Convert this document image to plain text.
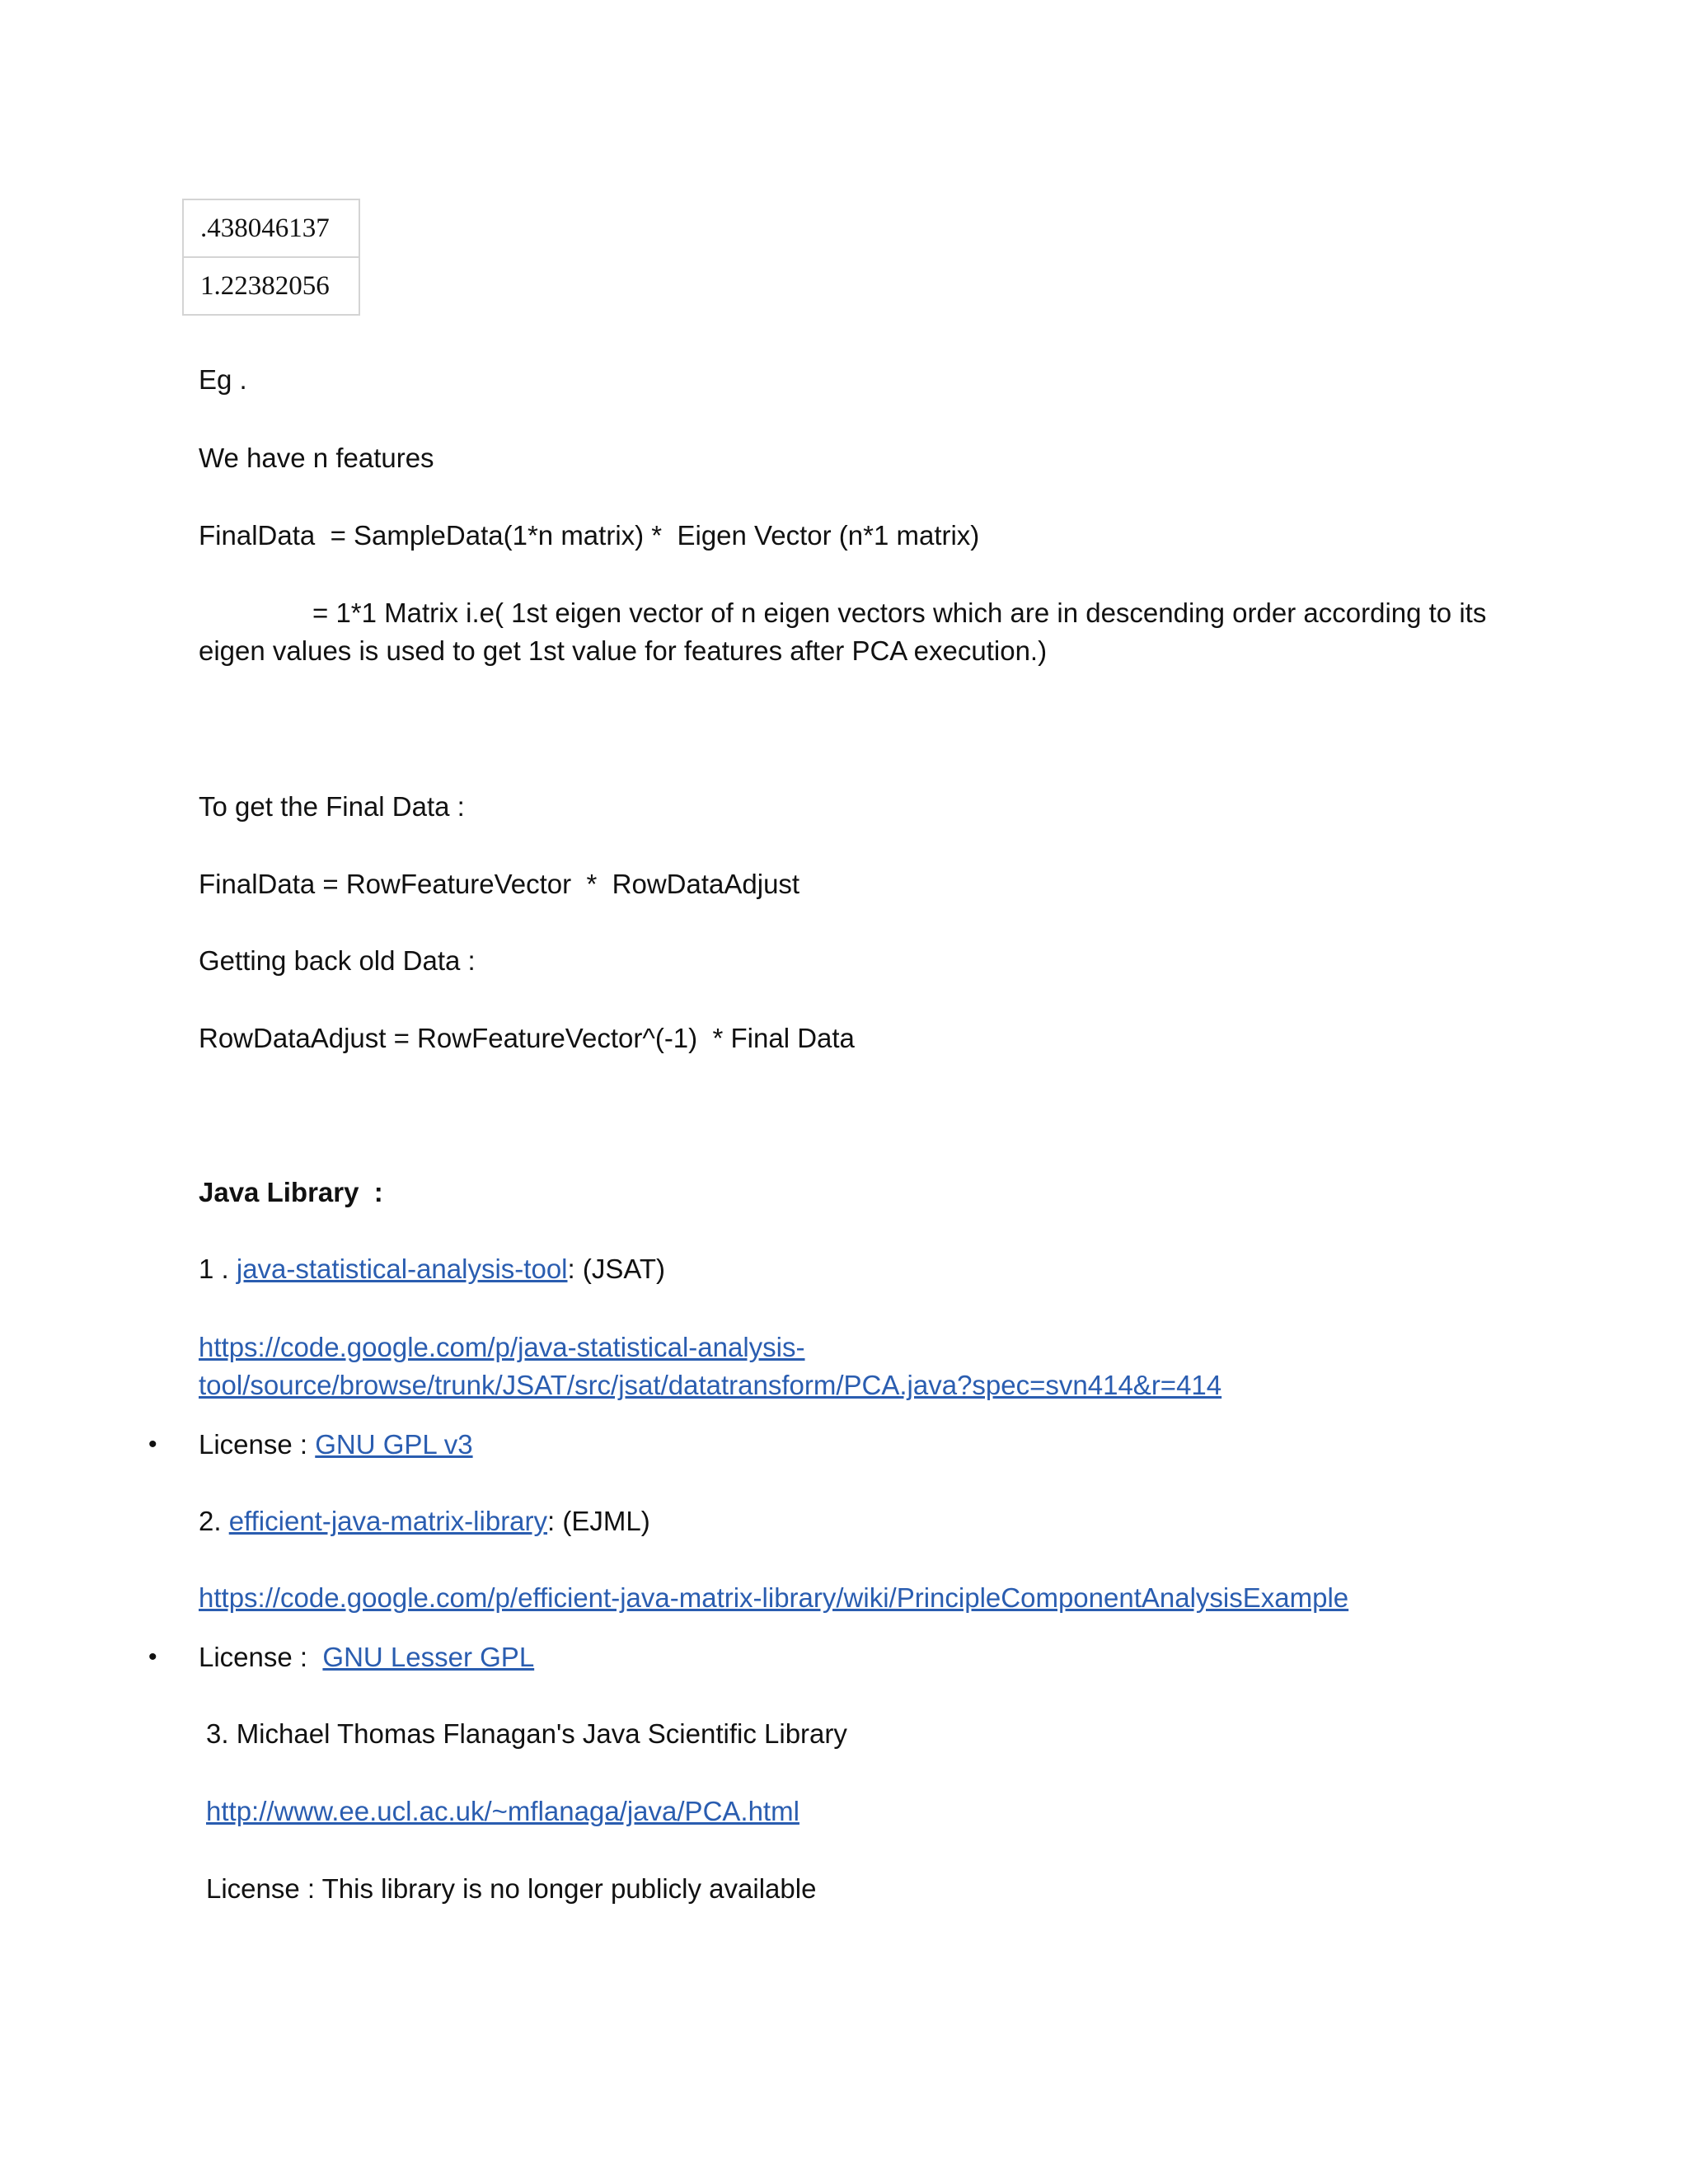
.438046137
1.22382056
Eg .
We have n features
FinalData  = SampleData(1*n matrix) *  Eigen Vector (n*1 matrix)
= 1*1 Matrix i.e( 1st eigen vector of n eigen vectors which are in descending order according to its eigen values is used to get 1st value for features after PCA execution.)
To get the Final Data :
FinalData = RowFeatureVector  *  RowDataAdjust
Getting back old Data :
RowDataAdjust = RowFeatureVector^(-1)  * Final Data
Java Library  :
1 . java-statistical-analysis-tool: (JSAT)
https://code.google.com/p/java-statistical-analysis-
tool/source/browse/trunk/JSAT/src/jsat/datatransform/PCA.java?spec=svn414&r=414
• License : GNU GPL v3
2. efficient-java-matrix-library: (EJML)
https://code.google.com/p/efficient-java-matrix-library/wiki/PrincipleComponentAnalysisExample
• License :  GNU Lesser GPL
3. Michael Thomas Flanagan's Java Scientific Library
http://www.ee.ucl.ac.uk/~mflanaga/java/PCA.html
License : This library is no longer publicly available
